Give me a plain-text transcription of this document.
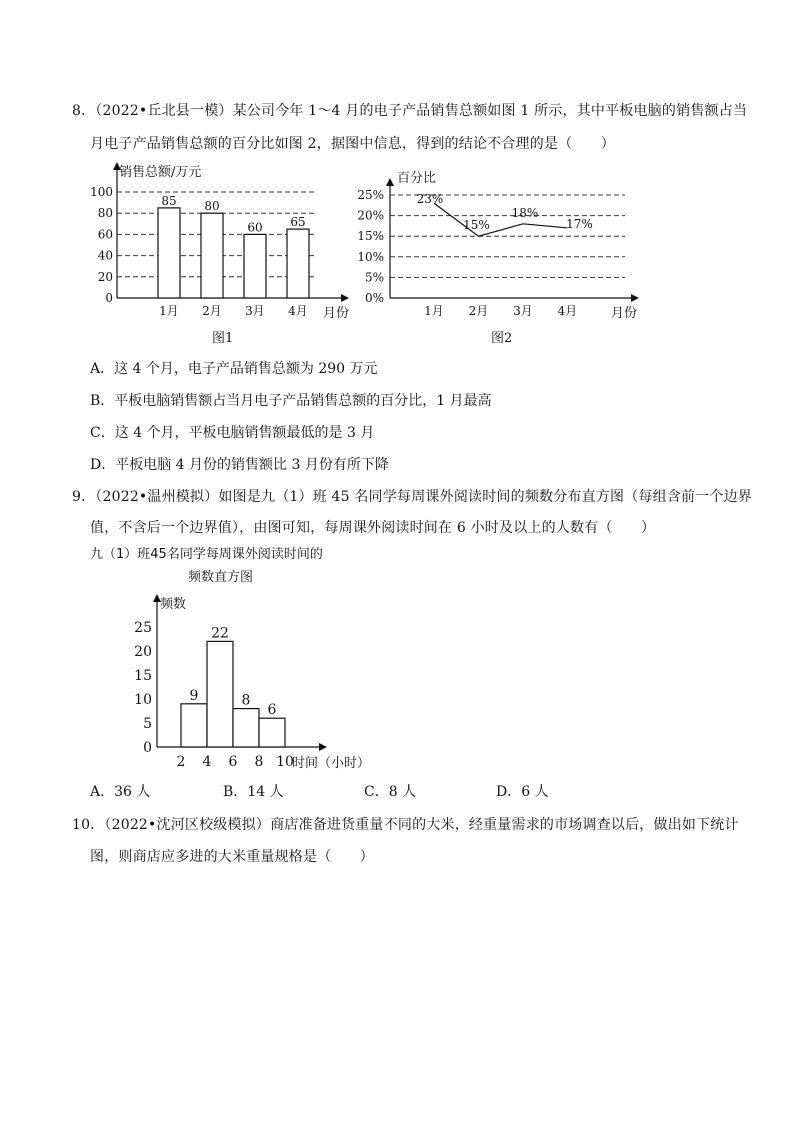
8．（2022•丘北县一模）某公司今年 1～4 月的电子产品销售总额如图 1 所示，其中平板电脑的销售额占当
月电子产品销售总额的百分比如图 2，据图中信息，得到的结论不合理的是（　　）
销售总额/万元
月份
0
20
40
60
80
100
85 80
60 65
1月 2月 3月 4月
图1
百分比
月份
0%
5%
10%
15%
20%
25%	23%
15%
18%
17%
1月 2月 3月 4月
图2
A．这 4 个月，电子产品销售总额为 290 万元
B．平板电脑销售额占当月电子产品销售总额的百分比，1 月最高
C．这 4 个月，平板电脑销售额最低的是 3 月
D．平板电脑 4 月份的销售额比 3 月份有所下降
9．（2022•温州模拟）如图是九（1）班 45 名同学每周课外阅读时间的频数分布直方图（每组含前一个边界
值，不含后一个边界值），由图可知，每周课外阅读时间在 6 小时及以上的人数有（　　）
九（1）班45名同学每周课外阅读时间的
频数直方图
频数
时间（小时）
0
5
10
15
20
25
9
22
8
6
2 4 6 8 10
A．36 人	B．14 人	C．8 人	D．6 人
10．（2022•沈河区校级模拟）商店准备进货重量不同的大米，经重量需求的市场调查以后，做出如下统计
图，则商店应多进的大米重量规格是（　　）
